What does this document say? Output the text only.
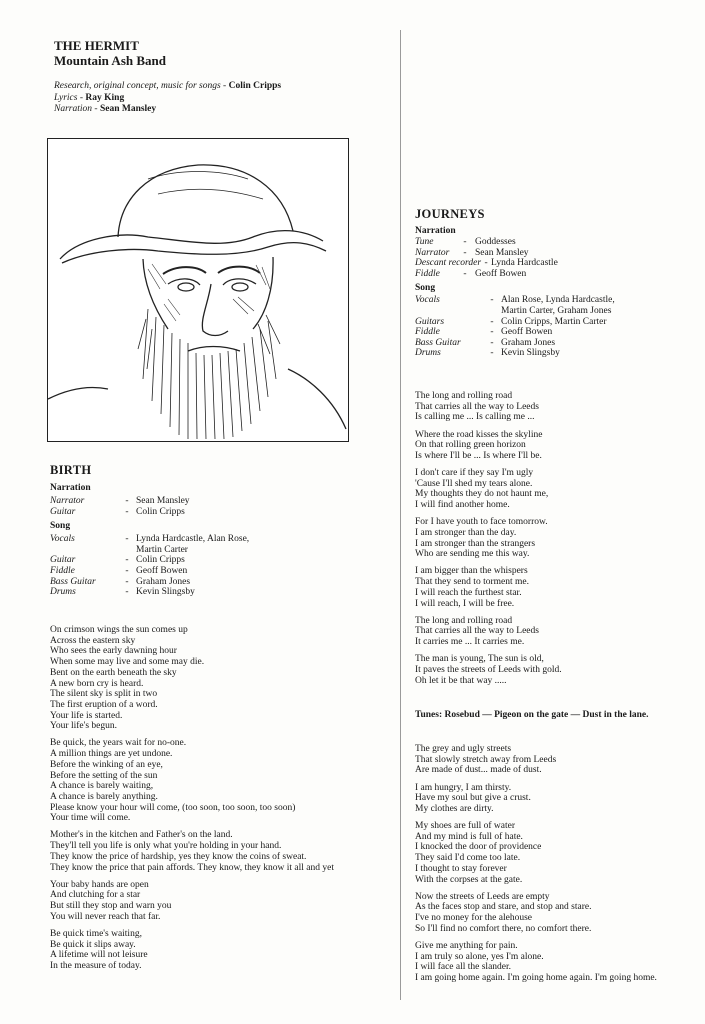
THE HERMIT
Mountain Ash Band
Research, original concept, music for songs - Colin Cripps
Lyrics - Ray King
Narration - Sean Mansley
BIRTH
Narration
Narrator	-	Sean Mansley
Guitar	-	Colin Cripps
Song
Vocals	-	Lynda Hardcastle, Alan Rose,
		Martin Carter
Guitar	-	Colin Cripps
Fiddle	-	Geoff Bowen
Bass Guitar	-	Graham Jones
Drums	-	Kevin Slingsby
On crimson wings the sun comes up
Across the eastern sky
Who sees the early dawning hour
When some may live and some may die.
Bent on the earth beneath the sky
A new born cry is heard.
The silent sky is split in two
The first eruption of a word.
Your life is started.
Your life's begun.
Be quick, the years wait for no-one.
A million things are yet undone.
Before the winking of an eye,
Before the setting of the sun
A chance is barely waiting,
A chance is barely anything.
Please know your hour will come, (too soon, too soon, too soon)
Your time will come.
Mother's in the kitchen and Father's on the land.
They'll tell you life is only what you're holding in your hand.
They know the price of hardship, yes they know the coins of sweat.
They know the price that pain affords. They know, they know it all and yet
Your baby hands are open
And clutching for a star
But still they stop and warn you
You will never reach that far.
Be quick time's waiting,
Be quick it slips away.
A lifetime will not leisure
In the measure of today.
JOURNEYS
Narration
Tune	- Goddesses
Narrator - Sean Mansley
Descant recorder - Lynda Hardcastle
Fiddle - Geoff Bowen
Song
Vocals	-	Alan Rose, Lynda Hardcastle,
		Martin Carter, Graham Jones
Guitars	-	Colin Cripps, Martin Carter
Fiddle	-	Geoff Bowen
Bass Guitar	-	Graham Jones
Drums	-	Kevin Slingsby
The long and rolling road
That carries all the way to Leeds
Is calling me ... Is calling me ...
Where the road kisses the skyline
On that rolling green horizon
Is where I'll be ... Is where I'll be.
I don't care if they say I'm ugly
'Cause I'll shed my tears alone.
My thoughts they do not haunt me,
I will find another home.
For I have youth to face tomorrow.
I am stronger than the day.
I am stronger than the strangers
Who are sending me this way.
I am bigger than the whispers
That they send to torment me.
I will reach the furthest star.
I will reach, I will be free.
The long and rolling road
That carries all the way to Leeds
It carries me ... It carries me.
The man is young, The sun is old,
It paves the streets of Leeds with gold.
Oh let it be that way .....
Tunes: Rosebud — Pigeon on the gate — Dust in the lane.
The grey and ugly streets
That slowly stretch away from Leeds
Are made of dust... made of dust.
I am hungry, I am thirsty.
Have my soul but give a crust.
My clothes are dirty.
My shoes are full of water
And my mind is full of hate.
I knocked the door of providence
They said I'd come too late.
I thought to stay forever
With the corpses at the gate.
Now the streets of Leeds are empty
As the faces stop and stare, and stop and stare.
I've no money for the alehouse
So I'll find no comfort there, no comfort there.
Give me anything for pain.
I am truly so alone, yes I'm alone.
I will face all the slander.
I am going home again. I'm going home again. I'm going home.
